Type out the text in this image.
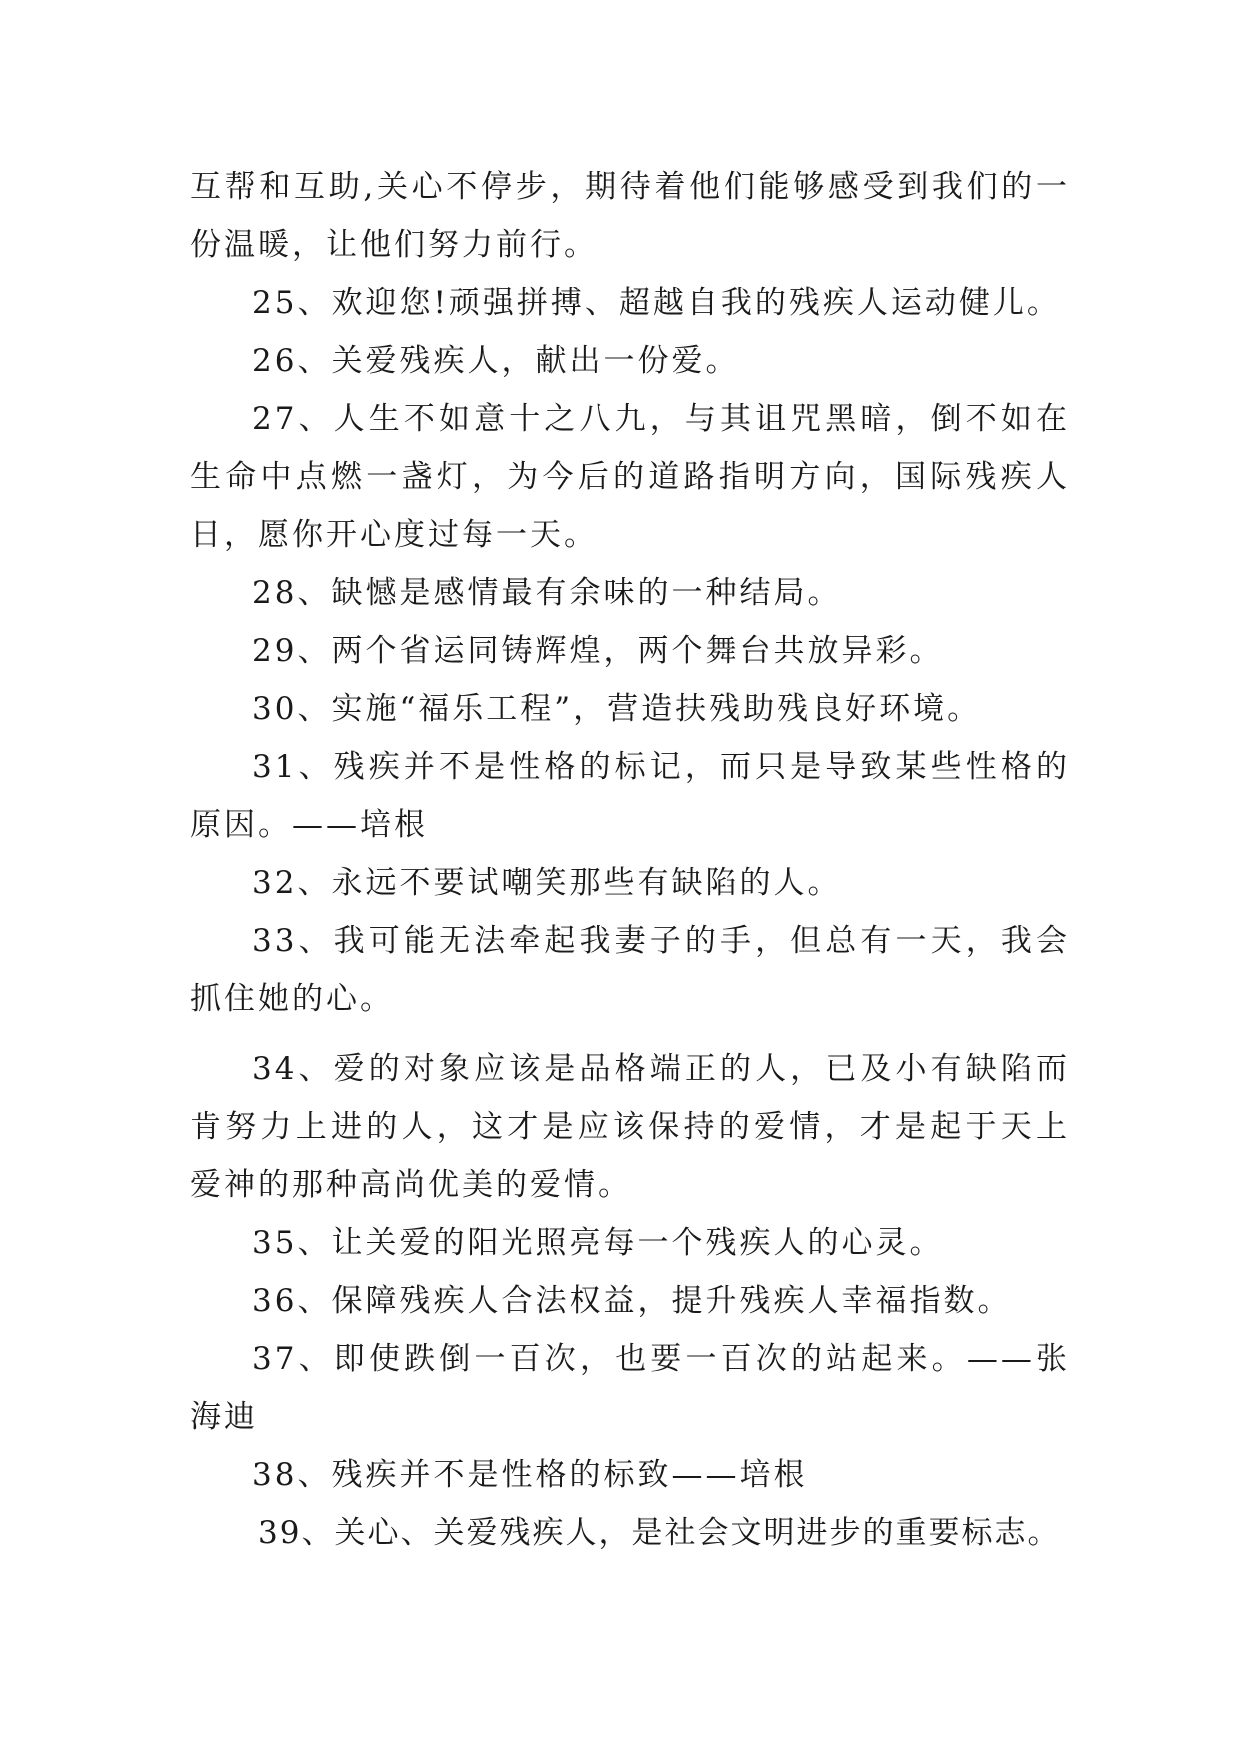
互帮和互助,关心不停步，期待着他们能够感受到我们的一份温暖，让他们努力前行。

25、欢迎您!顽强拼搏、超越自我的残疾人运动健儿。

26、关爱残疾人，献出一份爱。

27、人生不如意十之八九，与其诅咒黑暗，倒不如在生命中点燃一盏灯，为今后的道路指明方向，国际残疾人日，愿你开心度过每一天。

28、缺憾是感情最有余味的一种结局。

29、两个省运同铸辉煌，两个舞台共放异彩。

30、实施“福乐工程”，营造扶残助残良好环境。

31、残疾并不是性格的标记，而只是导致某些性格的原因。——培根

32、永远不要试嘲笑那些有缺陷的人。

33、我可能无法牵起我妻子的手，但总有一天，我会抓住她的心。

34、爱的对象应该是品格端正的人，已及小有缺陷而肯努力上进的人，这才是应该保持的爱情，才是起于天上爱神的那种高尚优美的爱情。

35、让关爱的阳光照亮每一个残疾人的心灵。

36、保障残疾人合法权益，提升残疾人幸福指数。

37、即使跌倒一百次，也要一百次的站起来。——张海迪

38、残疾并不是性格的标致——培根

39、关心、关爱残疾人，是社会文明进步的重要标志。
